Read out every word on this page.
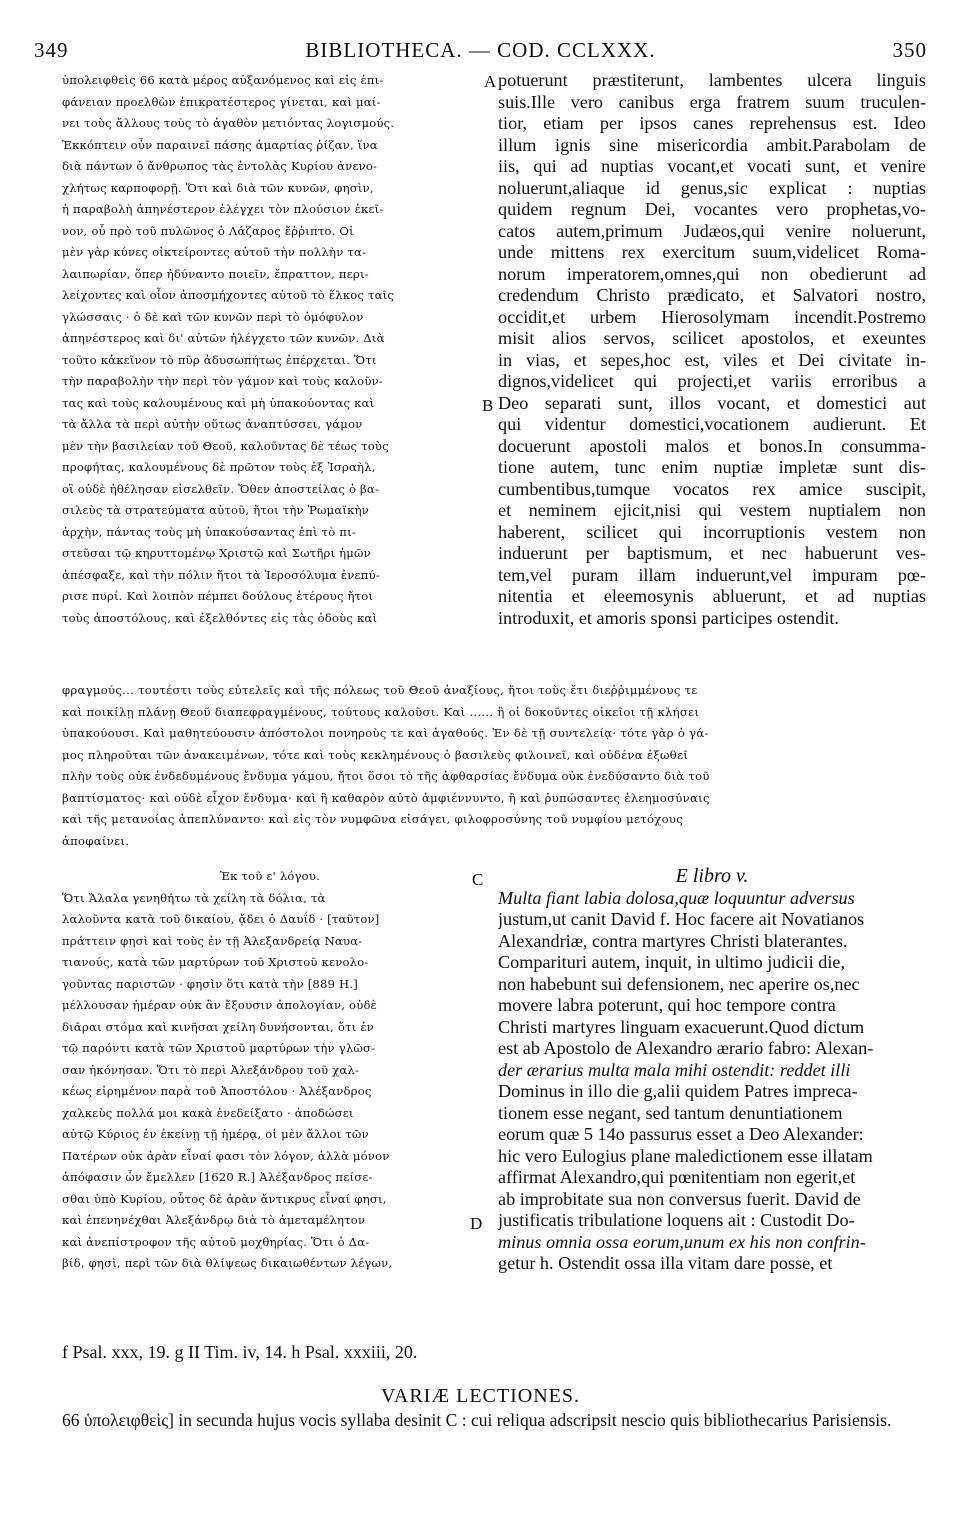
349	BIBLIOTHECA. — COD. CCLXXX.	350
ὑπολειφθεὶς 66 κατὰ μέρος αὐξανόμενος καὶ εἰς ἐπι-
φάνειαν προελθὼν ἐπικρατέστερος γίνεται, καὶ μαί-
νει τοὺς ἄλλους τοὺς τὸ ἀγαθὸν μετιόντας λογισμούς.
Ἐκκόπτειν οὖν παραινεῖ πάσης ἁμαρτίας ῥίζαν, ἵνα
διὰ πάντων ὁ ἄνθρωπος τὰς ἐντολὰς Κυρίου ἀνενο-
χλήτως καρποφορῇ. Ὅτι καὶ διὰ τῶν κυνῶν, φησὶν,
ἡ παραβολὴ ἀπηνέστερον ἐλέγχει τὸν πλούσιον ἐκεῖ-
νον, οὗ πρὸ τοῦ πυλῶνος ὁ Λάζαρος ἔῤῥιπτο. Οἱ
μὲν γὰρ κύνες οἰκτείροντες αὐτοῦ τὴν πολλὴν τα-
λαιπωρίαν, ὅπερ ἠδύναντο ποιεῖν, ἔπραττον, περι-
λείχοντες καὶ οἷον ἀποσμήχοντες αὐτοῦ τὸ ἕλκος ταῖς
γλώσσαις · ὁ δὲ καὶ τῶν κυνῶν περὶ τὸ ὁμόφυλον
ἀπηνέστερος καὶ δι' αὐτῶν ἠλέγχετο τῶν κυνῶν. Διὰ
τοῦτο κἀκεῖνον τὸ πῦρ ἀδυσωπήτως ἐπέρχεται. Ὅτι
τὴν παραβολὴν τὴν περὶ τὸν γάμον καὶ τοὺς καλοῦν-
τας καὶ τοὺς καλουμένους καὶ μὴ ὑπακούοντας καὶ
τὰ ἄλλα τὰ περὶ αὐτὴν οὕτως ἀναπτύσσει, γάμον
μὲν τὴν βασιλείαν τοῦ Θεοῦ, καλοῦντας δὲ τέως τοὺς
προφήτας, καλουμένους δὲ πρῶτον τοὺς ἐξ Ἰσραὴλ,
οἳ οὐδὲ ἠθέλησαν εἰσελθεῖν. Ὅθεν ἀποστείλας ὁ βα-
σιλεὺς τὰ στρατεύματα αὐτοῦ, ἤτοι τὴν Ῥωμαϊκὴν
ἀρχὴν, πάντας τοὺς μὴ ὑπακούσαντας ἐπὶ τὸ πι-
στεῦσαι τῷ κηρυττομένῳ Χριστῷ καὶ Σωτῆρι ἡμῶν
ἀπέσφαξε, καὶ τὴν πόλιν ἤτοι τὰ Ἱεροσόλυμα ἐνεπύ-
ρισε πυρί. Καὶ λοιπὸν πέμπει δούλους ἑτέρους ἤτοι
τοὺς ἀποστόλους, καὶ ἐξελθόντες εἰς τὰς ὁδοὺς καὶ
potuerunt præstiterunt, lambentes ulcera linguis
suis.Ille vero canibus erga fratrem suum truculen-
tior, etiam per ipsos canes reprehensus est. Ideo
illum ignis sine misericordia ambit.Parabolam de
iis, qui ad nuptias vocant,et vocati sunt, et venire
noluerunt,aliaque id genus,sic explicat : nuptias
quidem regnum Dei, vocantes vero prophetas,vo-
catos autem,primum Judæos,qui venire noluerunt,
unde mittens rex exercitum suum,videlicet Roma-
norum imperatorem,omnes,qui non obedierunt ad
credendum Christo prædicato, et Salvatori nostro,
occidit,et urbem Hierosolymam incendit.Postremo
misit alios servos, scilicet apostolos, et exeuntes
in vias, et sepes,hoc est, viles et Dei civitate in-
dignos,videlicet qui projecti,et variis erroribus a
Deo separati sunt, illos vocant, et domestici aut
qui videntur domestici,vocationem audierunt. Et
docuerunt apostoli malos et bonos.In consumma-
tione autem, tunc enim nuptiæ impletæ sunt dis-
cumbentibus,tumque vocatos rex amice suscipit,
et neminem ejicit,nisi qui vestem nuptialem non
haberent, scilicet qui incorruptionis vestem non
induerunt per baptismum, et nec habuerunt ves-
tem,vel puram illam induerunt,vel impuram pœ-
nitentia et eleemosynis abluerunt, et ad nuptias
introduxit, et amoris sponsi participes ostendit.
A
B
C
D
φραγμούς... τουτέστι τοὺς εὐτελεῖς καὶ τῆς πόλεως τοῦ Θεοῦ ἀναξίους, ἤτοι τοὺς ἔτι διεῤῥιμμένους τε
καὶ ποικίλῃ πλάνῃ Θεοῦ διαπεφραγμένους, τούτους καλοῦσι. Καὶ ...... ἢ οἱ δοκοῦντες οἰκεῖοι τῇ κλήσει
ὑπακούουσι. Καὶ μαθητεύουσιν ἀπόστολοι πονηροὺς τε καὶ ἀγαθούς. Ἐν δὲ τῇ συντελείᾳ· τότε γὰρ ὁ γά-
μος πληροῦται τῶν ἀνακειμένων, τότε καὶ τοὺς κεκλημένους ὁ βασιλεὺς φιλοινεῖ, καὶ οὐδένα ἐξωθεῖ
πλὴν τοὺς οὐκ ἐνδεδυμένους ἔνδυμα γάμου, ἤτοι ὅσοι τὸ τῆς ἀφθαρσίας ἔνδυμα οὐκ ἐνεδύσαντο διὰ τοῦ
βαπτίσματος· καὶ οὐδὲ εἶχον ἔνδυμα· καὶ ἢ καθαρὸν αὐτὸ ἀμφιέννυντο, ἢ καὶ ῥυπώσαντες ἐλεημοσύναις
καὶ τῆς μετανοίας ἀπεπλύναντο· καὶ εἰς τὸν νυμφῶνα εἰσάγει, φιλοφροσύνης τοῦ νυμφίου μετόχους
ἀποφαίνει.
Ἐκ τοῦ ε' λόγου.
Ὅτι Ἄλαλα γενηθήτω τὰ χείλη τὰ δόλια, τὰ
λαλοῦντα κατὰ τοῦ δικαίου, ᾄδει ὁ Δαυΐδ · [ταῦτον]
πράττειν φησὶ καὶ τοὺς ἐν τῇ Ἀλεξανδρείᾳ Ναυα-
τιανούς, κατὰ τῶν μαρτύρων τοῦ Χριστοῦ κενολο-
γοῦντας παριστῶν · φησὶν ὅτι κατὰ τὴν [889 H.]
μέλλουσαν ἡμέραν οὐκ ἂν ἔξουσιν ἀπολογίαν, οὐδὲ
διᾶραι στόμα καὶ κινῆσαι χείλη δυνήσονται, ὅτι ἐν
τῷ παρόντι κατὰ τῶν Χριστοῦ μαρτύρων τὴν γλῶσ-
σαν ἠκόνησαν. Ὅτι τὸ περὶ Ἀλεξάνδρου τοῦ χαλ-
κέως εἰρημένον παρὰ τοῦ Ἀποστόλου · Ἀλέξανδρος
χαλκεὺς πολλά μοι κακὰ ἐνεδείξατο · ἀποδώσει
αὐτῷ Κύριος ἐν ἐκείνῃ τῇ ἡμέρᾳ, οἱ μὲν ἄλλοι τῶν
Πατέρων οὐκ ἀρὰν εἶναί φασι τὸν λόγον, ἀλλὰ μόνον
ἀπόφασιν ὧν ἔμελλεν [1620 R.] Ἀλέξανδρος πείσε-
σθαι ὑπὸ Κυρίου, οὗτος δὲ ἀρὰν ἄντικρυς εἶναί φησι,
καὶ ἐπενηνέχθαι Ἀλεξάνδρῳ διὰ τὸ ἀμεταμέλητον
καὶ ἀνεπίστροφον τῆς αὐτοῦ μοχθηρίας. Ὅτι ὁ Δα-
βίδ, φησὶ, περὶ τῶν διὰ θλίψεως δικαιωθέντων λέγων,
E libro v.
Multa fiant labia dolosa,quæ loquuntur adversus
justum,ut canit David f. Hoc facere ait Novatianos
Alexandriæ, contra martyres Christi blaterantes.
Comparituri autem, inquit, in ultimo judicii die,
non habebunt sui defensionem, nec aperire os,nec
movere labra poterunt, qui hoc tempore contra
Christi martyres linguam exacuerunt.Quod dictum
est ab Apostolo de Alexandro ærario fabro: Alexan-
der ærarius multa mala mihi ostendit: reddet illi
Dominus in illo die g,alii quidem Patres impreca-
tionem esse negant, sed tantum denuntiationem
eorum quæ 5 14o passurus esset a Deo Alexander:
hic vero Eulogius plane maledictionem esse illatam
affirmat Alexandro,qui pœnitentiam non egerit,et
ab improbitate sua non conversus fuerit. David de
justificatis tribulatione loquens ait : Custodit Do-
minus omnia ossa eorum,unum ex his non confrin-
getur h. Ostendit ossa illa vitam dare posse, et
f Psal. xxx, 19. g II Tim. iv, 14. h Psal. xxxiii, 20.
VARIÆ LECTIONES.
66 ὑπολειφθεὶς] in secunda hujus vocis syllaba desinit C : cui reliqua adscripsit nescio quis bibliothecarius Parisiensis.
